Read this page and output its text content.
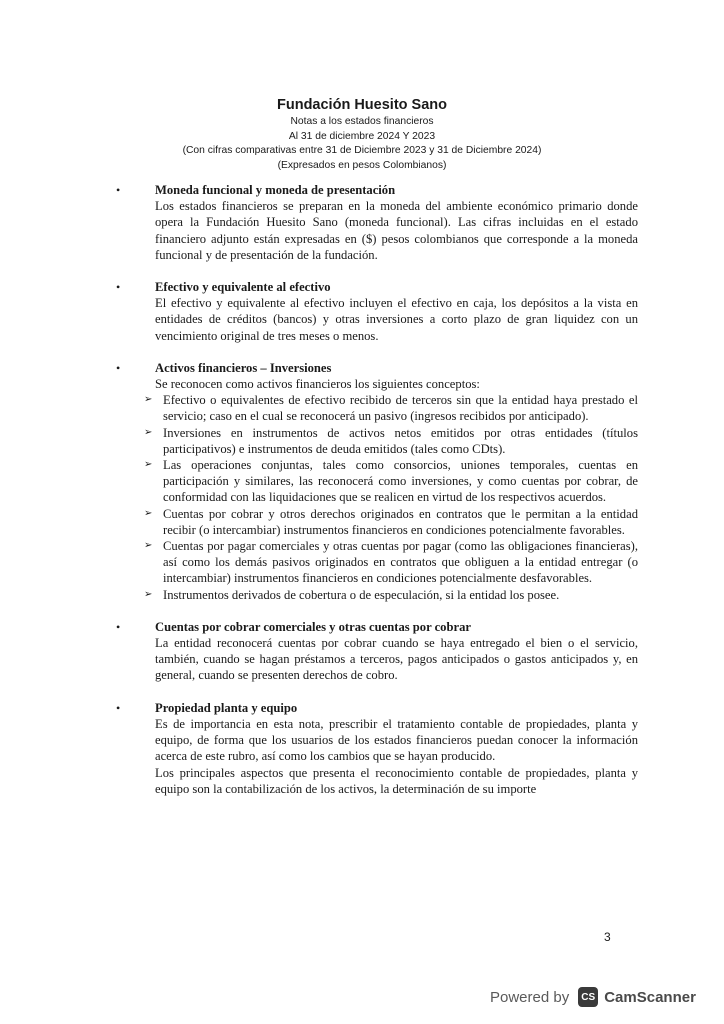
Fundación Huesito Sano
Notas a los estados financieros
Al 31 de diciembre 2024 Y 2023
(Con cifras comparativas entre 31 de Diciembre 2023 y 31 de Diciembre 2024)
(Expresados en pesos Colombianos)
•	Moneda funcional y moneda de presentación

Los estados financieros se preparan en la moneda del ambiente económico primario donde opera la Fundación Huesito Sano (moneda funcional). Las cifras incluidas en el estado financiero adjunto están expresadas en ($) pesos colombianos que corresponde a la moneda funcional y de presentación de la fundación.

•	Efectivo y equivalente al efectivo

El efectivo y equivalente al efectivo incluyen el efectivo en caja, los depósitos a la vista en entidades de créditos (bancos) y otras inversiones a corto plazo de gran liquidez con un vencimiento original de tres meses o menos.

•	Activos financieros – Inversiones

Se reconocen como activos financieros los siguientes conceptos:

➢ Efectivo o equivalentes de efectivo recibido de terceros sin que la entidad haya prestado el servicio; caso en el cual se reconocerá un pasivo (ingresos recibidos por anticipado).
➢ Inversiones en instrumentos de activos netos emitidos por otras entidades (títulos participativos) e instrumentos de deuda emitidos (tales como CDts).
➢ Las operaciones conjuntas, tales como consorcios, uniones temporales, cuentas en participación y similares, las reconocerá como inversiones, y como cuentas por cobrar, de conformidad con las liquidaciones que se realicen en virtud de los respectivos acuerdos.
➢ Cuentas por cobrar y otros derechos originados en contratos que le permitan a la entidad recibir (o intercambiar) instrumentos financieros en condiciones potencialmente favorables.
➢ Cuentas por pagar comerciales y otras cuentas por pagar (como las obligaciones financieras), así como los demás pasivos originados en contratos que obliguen a la entidad entregar (o intercambiar) instrumentos financieros en condiciones potencialmente desfavorables.
➢ Instrumentos derivados de cobertura o de especulación, si la entidad los posee.
•	Cuentas por cobrar comerciales y otras cuentas por cobrar

La entidad reconocerá cuentas por cobrar cuando se haya entregado el bien o el servicio, también, cuando se hagan préstamos a terceros, pagos anticipados o gastos anticipados y, en general, cuando se presenten derechos de cobro.

•	Propiedad planta y equipo

Es de importancia en esta nota, prescribir el tratamiento contable de propiedades, planta y equipo, de forma que los usuarios de los estados financieros puedan conocer la información acerca de este rubro, así como los cambios que se hayan producido.

Los principales aspectos que presenta el reconocimiento contable de propiedades, planta y equipo son la contabilización de los activos, la determinación de su importe

3
Powered by	CS CamScanner
